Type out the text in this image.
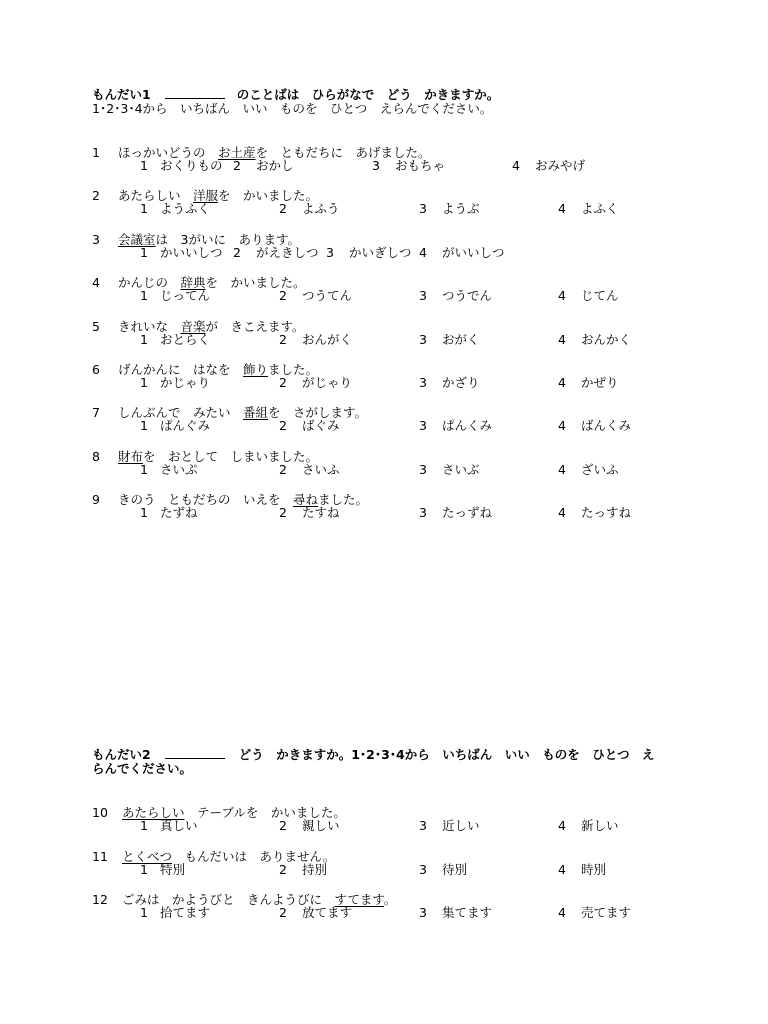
もんだい1	のことばは　ひらがなで　どう　かきますか。
1･2･3･4から　いちばん　いい　ものを　ひとつ　えらんでください。
1 ほっかいどうの　お土産を　ともだちに　あげました。
1 おくりもの 2 おかし	3 おもちゃ	4 おみやげ
2 あたらしい　洋服を　かいました。
1 ようふく	2 よふう	3 ようぶ	4 よふく
3 会議室は　3がいに　あります。
1 かいいしつ 2 がえきしつ 3 かいぎしつ 4 がいいしつ
4 かんじの　辞典を　かいました。
1 じってん	2 つうてん	3 つうでん	4 じてん
5 きれいな　音楽が　きこえます。
1 おとらく	2 おんがく	3 おがく	4 おんかく
6 げんかんに　はなを　飾りました。
1 かじゃり	2 がじゃり	3 かざり	4 かぜり
7 しんぶんで　みたい　番組を　さがします。
1 ぱんぐみ	2 ばぐみ	3 ぱんくみ	4 ばんくみ
8 財布を　おとして　しまいました。
1 さいぷ	2 さいふ	3 さいぶ	4 ざいふ
9 きのう　ともだちの　いえを　尋ねました。
1 たずね	2 たすね	3 たっずね	4 たっすね
もんだい2	どう　かきますか。1･2･3･4から　いちばん　いい　ものを　ひとつ　え
らんでください。
10 あたらしい　テーブルを　かいました。
1 真しい	2 親しい	3 近しい	4 新しい
11 とくべつ　もんだいは　ありません。
1 特別	2 持別	3 待別	4 時別
12 ごみは　かようびと　きんようびに　すてます。
1 拾てます	2 放てます	3 集てます	4 売てます
